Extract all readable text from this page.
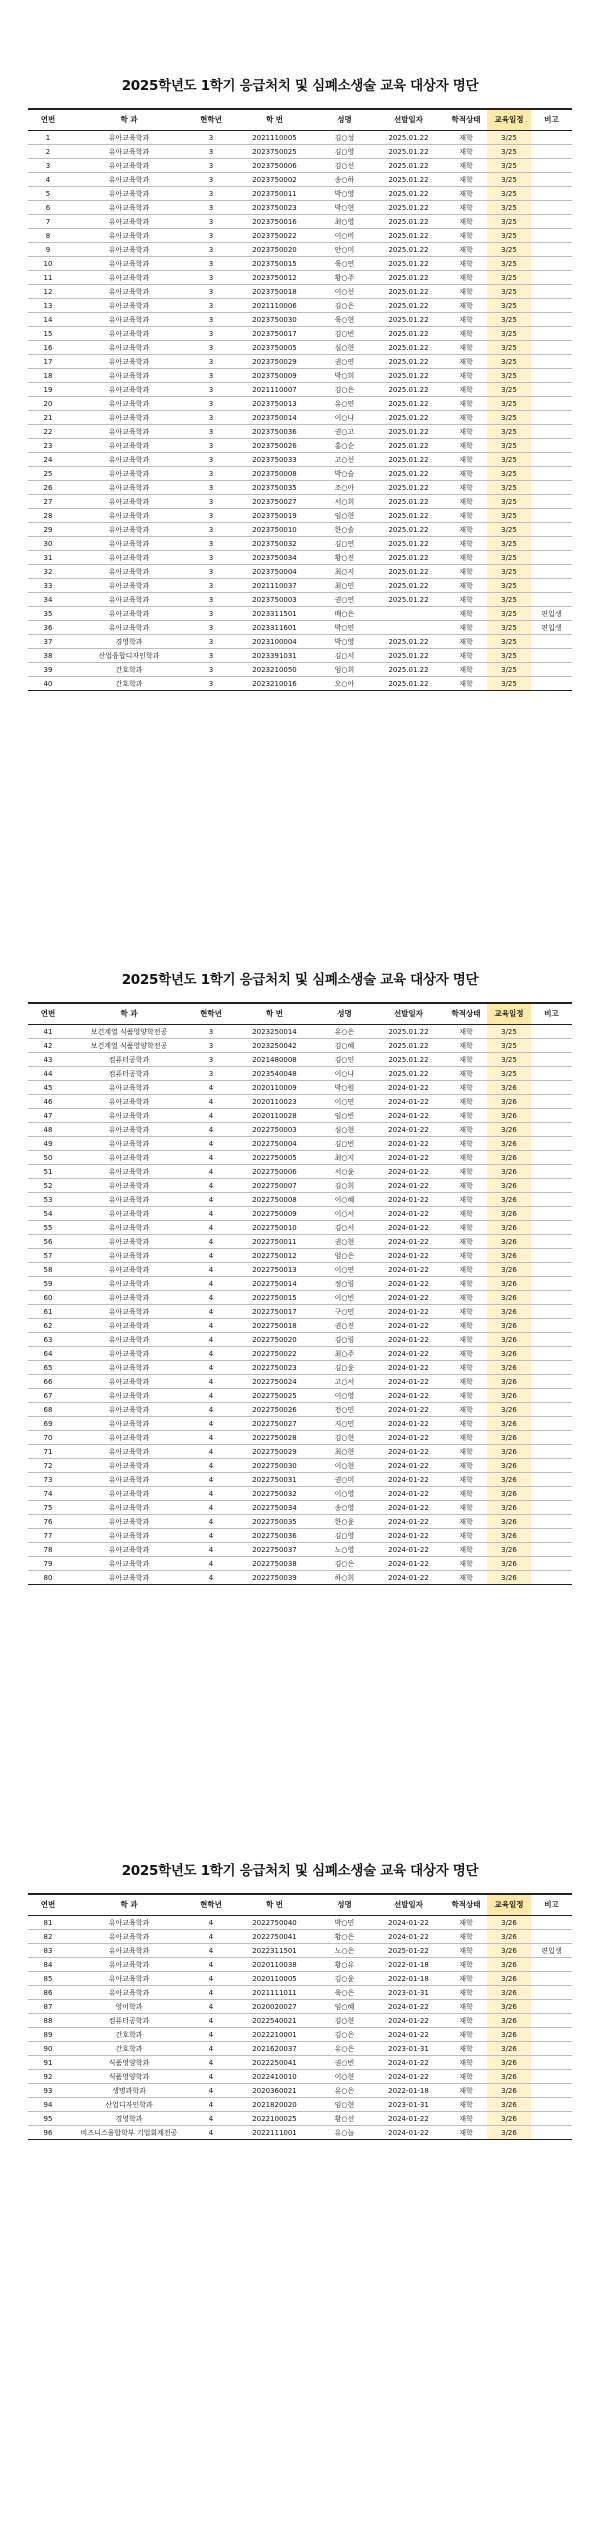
2025학년도 1학기 응급처치 및 심폐소생술 교육 대상자 명단
연번	학 과	현학년	학 번	성명	선발일자	학적상태	교육일정	비고
1	유아교육학과	3	2021110005	김○성	2025.01.22	재학	3/25	
2	유아교육학과	3	2023750025	김○영	2025.01.22	재학	3/25	
3	유아교육학과	3	2023750006	김○선	2025.01.22	재학	3/25	
4	유아교육학과	3	2023750002	송○하	2025.01.22	재학	3/25	
5	유아교육학과	3	2023750011	박○영	2025.01.22	재학	3/25	
6	유아교육학과	3	2023750023	박○현	2025.01.22	재학	3/25	
7	유아교육학과	3	2023750016	최○영	2025.01.22	재학	3/25	
8	유아교육학과	3	2023750022	이○비	2025.01.22	재학	3/25	
9	유아교육학과	3	2023750020	안○미	2025.01.22	재학	3/25	
10	유아교육학과	3	2023750015	육○연	2025.01.22	재학	3/25	
11	유아교육학과	3	2023750012	황○주	2025.01.22	재학	3/25	
12	유아교육학과	3	2023750018	이○선	2025.01.22	재학	3/25	
13	유아교육학과	3	2021110006	김○은	2025.01.22	재학	3/25	
14	유아교육학과	3	2023750030	육○현	2025.01.22	재학	3/25	
15	유아교육학과	3	2023750017	김○빈	2025.01.22	재학	3/25	
16	유아교육학과	3	2023750005	심○현	2025.01.22	재학	3/25	
17	유아교육학과	3	2023750029	권○연	2025.01.22	재학	3/25	
18	유아교육학과	3	2023750009	박○희	2025.01.22	재학	3/25	
19	유아교육학과	3	2021110007	김○은	2025.01.22	재학	3/25	
20	유아교육학과	3	2023750013	유○연	2025.01.22	재학	3/25	
21	유아교육학과	3	2023750014	이○나	2025.01.22	재학	3/25	
22	유아교육학과	3	2023750036	권○고	2025.01.22	재학	3/25	
23	유아교육학과	3	2023750026	홍○순	2025.01.22	재학	3/25	
24	유아교육학과	3	2023750033	고○선	2025.01.22	재학	3/25	
25	유아교육학과	3	2023750008	박○슬	2025.01.22	재학	3/25	
26	유아교육학과	3	2023750035	조○아	2025.01.22	재학	3/25	
27	유아교육학과	3	2023750027	서○희	2025.01.22	재학	3/25	
28	유아교육학과	3	2023750019	임○현	2025.01.22	재학	3/25	
29	유아교육학과	3	2023750010	한○솔	2025.01.22	재학	3/25	
30	유아교육학과	3	2023750032	김○연	2025.01.22	재학	3/25	
31	유아교육학과	3	2023750034	황○진	2025.01.22	재학	3/25	
32	유아교육학과	3	2023750004	최○지	2025.01.22	재학	3/25	
33	유아교육학과	3	2021110037	최○민	2025.01.22	재학	3/25	
34	유아교육학과	3	2023750003	권○연	2025.01.22	재학	3/25	
35	유아교육학과	3	2023311501	배○은		재학	3/25	편입생
36	유아교육학과	3	2023311601	박○연		재학	3/25	편입생
37	경영학과	3	2023100004	박○영	2025.01.22	재학	3/25	
38	산업융합디자인학과	3	2023391031	김○서	2025.01.22	재학	3/25	
39	간호학과	3	2023210050	엄○희	2025.01.22	재학	3/25	
40	간호학과	3	2023210016	오○아	2025.01.22	재학	3/25	
2025학년도 1학기 응급처치 및 심폐소생술 교육 대상자 명단
연번	학 과	현학년	학 번	성명	선발일자	학적상태	교육일정	비고
41	보건계열 식품영양학전공	3	2023250014	유○은	2025.01.22	재학	3/25	
42	보건계열 식품영양학전공	3	2023250042	김○혜	2025.01.22	재학	3/25	
43	컴퓨터공학과	3	2021480008	김○인	2025.01.22	재학	3/25	
44	컴퓨터공학과	3	2023540048	이○나	2025.01.22	재학	3/25	
45	유아교육학과	4	2020110009	박○원	2024-01-22	재학	3/26	
46	유아교육학과	4	2020110023	이○민	2024-01-22	재학	3/26	
47	유아교육학과	4	2020110028	임○빈	2024-01-22	재학	3/26	
48	유아교육학과	4	2022750003	심○현	2024-01-22	재학	3/26	
49	유아교육학과	4	2022750004	김○빈	2024-01-22	재학	3/26	
50	유아교육학과	4	2022750005	최○지	2024-01-22	재학	3/26	
51	유아교육학과	4	2022750006	서○윤	2024-01-22	재학	3/26	
52	유아교육학과	4	2022750007	김○희	2024-01-22	재학	3/26	
53	유아교육학과	4	2022750008	이○혜	2024-01-22	재학	3/26	
54	유아교육학과	4	2022750009	이○서	2024-01-22	재학	3/26	
55	유아교육학과	4	2022750010	김○서	2024-01-22	재학	3/26	
56	유아교육학과	4	2022750011	권○현	2024-01-22	재학	3/26	
57	유아교육학과	4	2022750012	엄○은	2024-01-22	재학	3/26	
58	유아교육학과	4	2022750013	이○연	2024-01-22	재학	3/26	
59	유아교육학과	4	2022750014	정○림	2024-01-22	재학	3/26	
60	유아교육학과	4	2022750015	이○빈	2024-01-22	재학	3/26	
61	유아교육학과	4	2022750017	구○민	2024-01-22	재학	3/26	
62	유아교육학과	4	2022750018	권○진	2024-01-22	재학	3/26	
63	유아교육학과	4	2022750020	김○림	2024-01-22	재학	3/26	
64	유아교육학과	4	2022750022	최○주	2024-01-22	재학	3/26	
65	유아교육학과	4	2022750023	김○윤	2024-01-22	재학	3/26	
66	유아교육학과	4	2022750024	고○서	2024-01-22	재학	3/26	
67	유아교육학과	4	2022750025	이○영	2024-01-22	재학	3/26	
68	유아교육학과	4	2022750026	전○민	2024-01-22	재학	3/26	
69	유아교육학과	4	2022750027	지○민	2024-01-22	재학	3/26	
70	유아교육학과	4	2022750028	김○현	2024-01-22	재학	3/26	
71	유아교육학과	4	2022750029	최○현	2024-01-22	재학	3/26	
72	유아교육학과	4	2022750030	이○현	2024-01-22	재학	3/26	
73	유아교육학과	4	2022750031	권○미	2024-01-22	재학	3/26	
74	유아교육학과	4	2022750032	이○영	2024-01-22	재학	3/26	
75	유아교육학과	4	2022750034	송○영	2024-01-22	재학	3/26	
76	유아교육학과	4	2022750035	한○윤	2024-01-22	재학	3/26	
77	유아교육학과	4	2022750036	김○영	2024-01-22	재학	3/26	
78	유아교육학과	4	2022750037	노○영	2024-01-22	재학	3/26	
79	유아교육학과	4	2022750038	김○은	2024-01-22	재학	3/26	
80	유아교육학과	4	2022750039	하○희	2024-01-22	재학	3/26	
2025학년도 1학기 응급처치 및 심폐소생술 교육 대상자 명단
연번	학 과	현학년	학 번	성명	선발일자	학적상태	교육일정	비고
81	유아교육학과	4	2022750040	박○민	2024-01-22	재학	3/26	
82	유아교육학과	4	2022750041	황○은	2024-01-22	재학	3/26	
83	유아교육학과	4	2022311501	노○은	2025-01-22	재학	3/26	편입생
84	유아교육학과	4	2020110038	황○유	2022-01-18	재학	3/26	
85	유아교육학과	4	2020110005	김○윤	2022-01-18	재학	3/26	
86	유아교육학과	4	2021111011	육○은	2023-01-31	재학	3/26	
87	영어학과	4	2020020027	임○혜	2024-01-22	재학	3/26	
88	컴퓨터공학과	4	2022540021	김○현	2024-01-22	재학	3/26	
89	간호학과	4	2022210001	김○은	2024-01-22	재학	3/26	
90	간호학과	4	2021620037	유○은	2023-01-31	재학	3/26	
91	식품영양학과	4	2022250041	권○빈	2024-01-22	재학	3/26	
92	식품영양학과	4	2022410010	이○현	2024-01-22	재학	3/26	
93	생명과학과	4	2020360021	유○은	2022-01-18	재학	3/26	
94	산업디자인학과	4	2021820020	임○현	2023-01-31	재학	3/26	
95	경영학과	4	2022100025	황○선	2024-01-22	재학	3/26	
96	비즈니스융합학부 기업회계전공	4	2022111001	유○늘	2024-01-22	재학	3/26	
